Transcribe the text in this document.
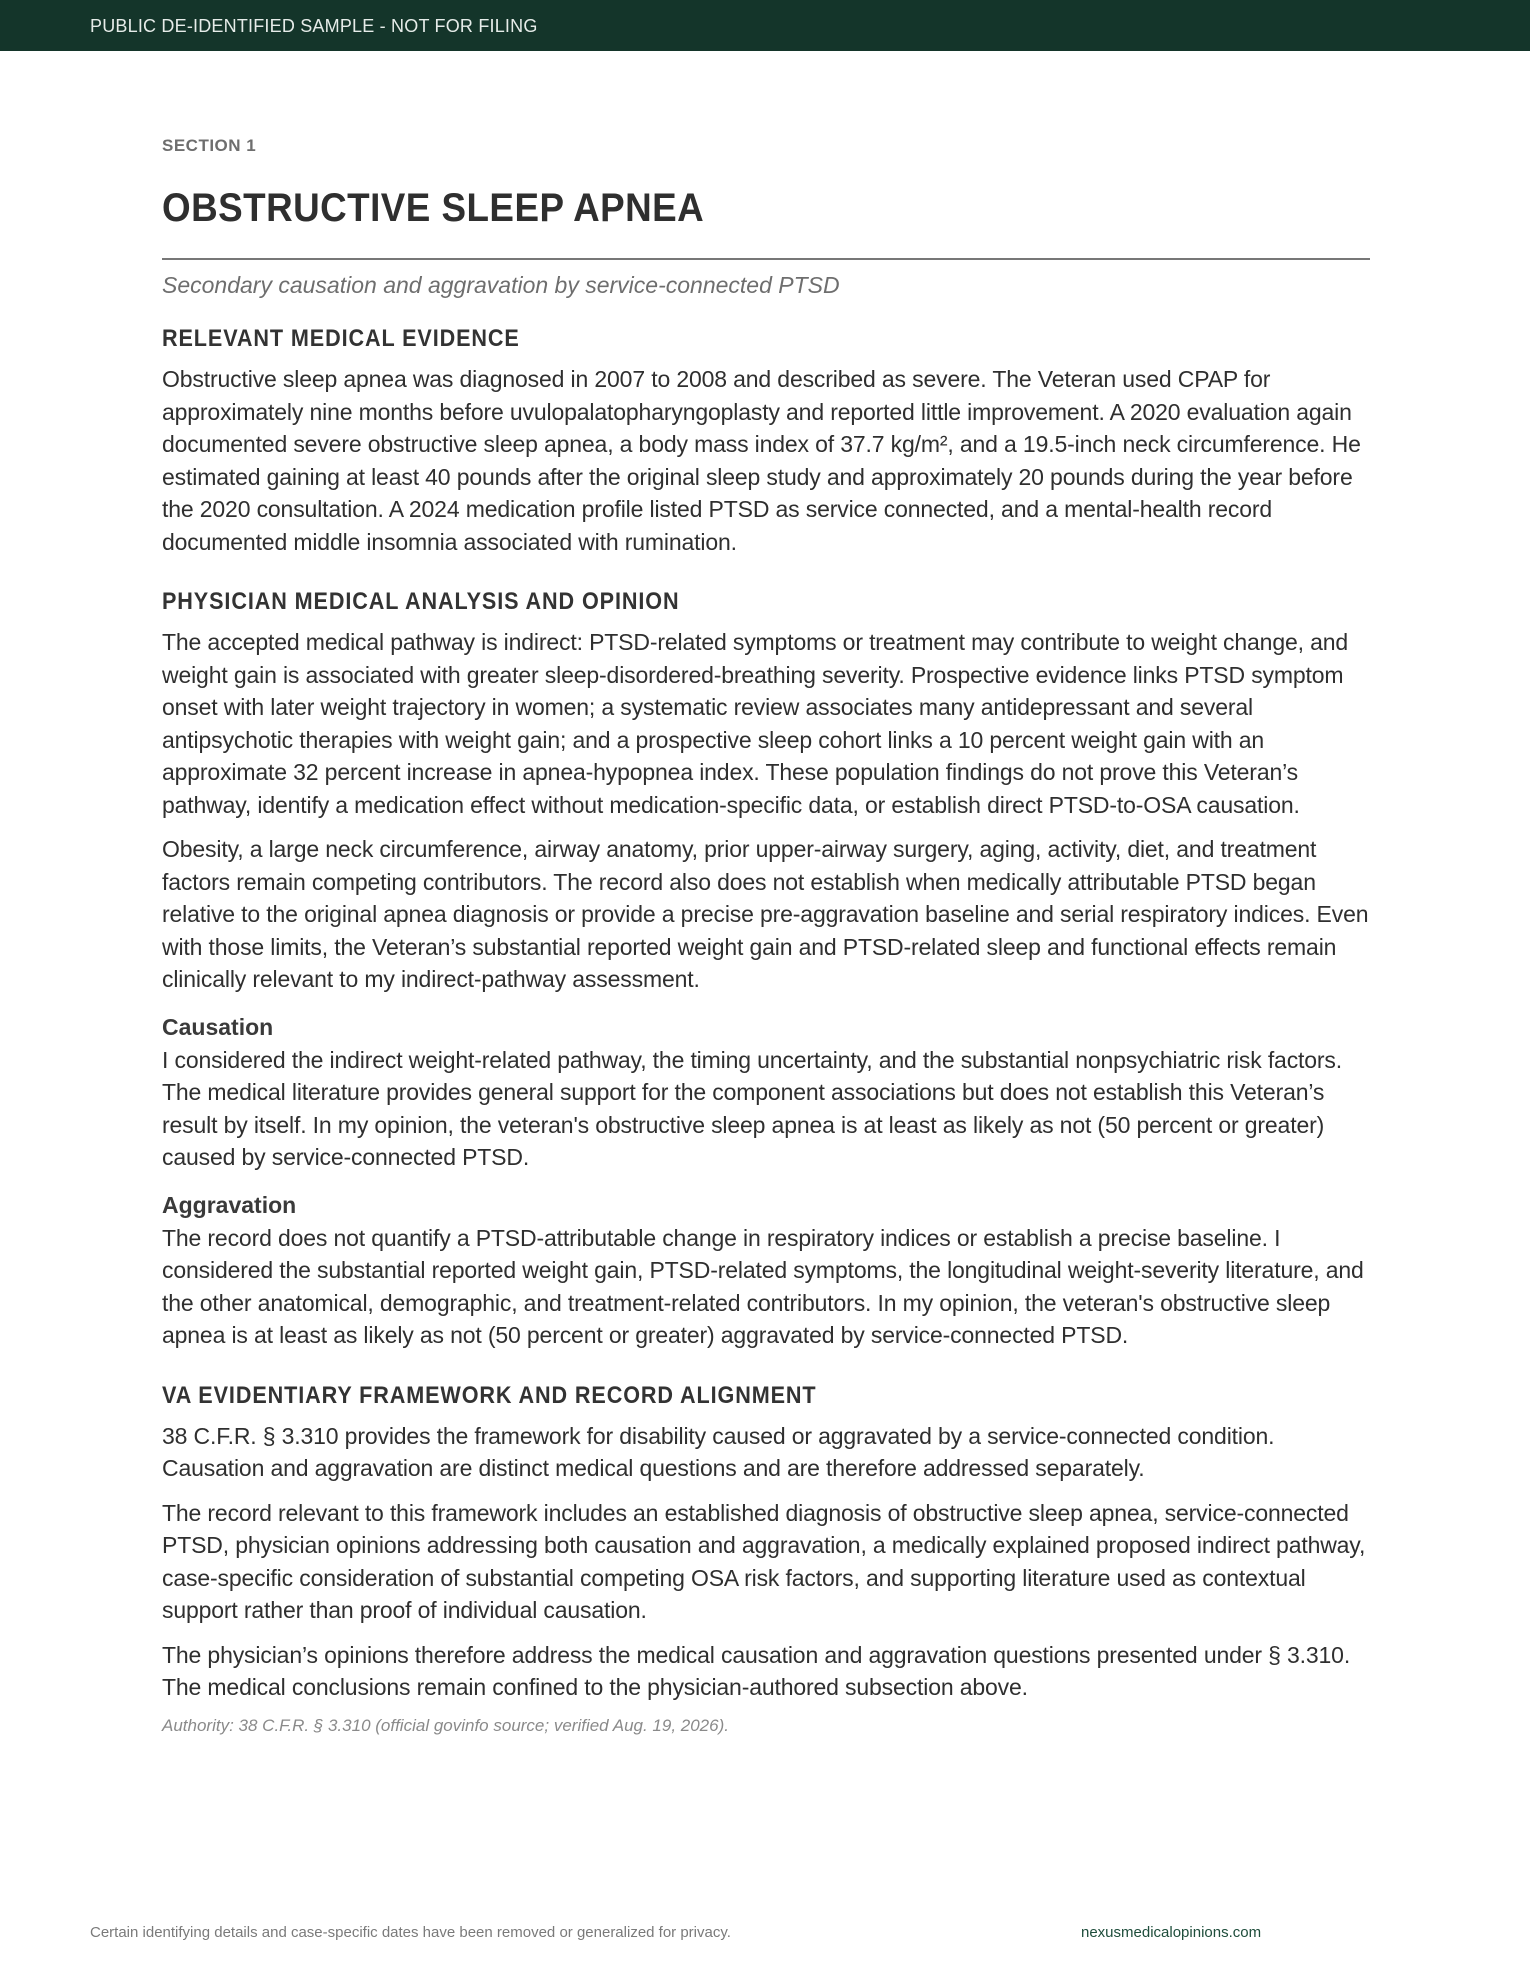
PUBLIC DE-IDENTIFIED SAMPLE - NOT FOR FILING
SECTION 1
OBSTRUCTIVE SLEEP APNEA
Secondary causation and aggravation by service-connected PTSD
RELEVANT MEDICAL EVIDENCE

Obstructive sleep apnea was diagnosed in 2007 to 2008 and described as severe. The Veteran used CPAP for approximately nine months before uvulopalatopharyngoplasty and reported little improvement. A 2020 evaluation again documented severe obstructive sleep apnea, a body mass index of 37.7 kg/m², and a 19.5-inch neck circumference. He estimated gaining at least 40 pounds after the original sleep study and approximately 20 pounds during the year before the 2020 consultation. A 2024 medication profile listed PTSD as service connected, and a mental-health record documented middle insomnia associated with rumination.

PHYSICIAN MEDICAL ANALYSIS AND OPINION

The accepted medical pathway is indirect: PTSD-related symptoms or treatment may contribute to weight change, and weight gain is associated with greater sleep-disordered-breathing severity. Prospective evidence links PTSD symptom onset with later weight trajectory in women; a systematic review associates many antidepressant and several antipsychotic therapies with weight gain; and a prospective sleep cohort links a 10 percent weight gain with an approximate 32 percent increase in apnea-hypopnea index. These population findings do not prove this Veteran’s pathway, identify a medication effect without medication-specific data, or establish direct PTSD-to-OSA causation.

Obesity, a large neck circumference, airway anatomy, prior upper-airway surgery, aging, activity, diet, and treatment factors remain competing contributors. The record also does not establish when medically attributable PTSD began relative to the original apnea diagnosis or provide a precise pre-aggravation baseline and serial respiratory indices. Even with those limits, the Veteran’s substantial reported weight gain and PTSD-related sleep and functional effects remain clinically relevant to my indirect-pathway assessment.

Causation

I considered the indirect weight-related pathway, the timing uncertainty, and the substantial nonpsychiatric risk factors. The medical literature provides general support for the component associations but does not establish this Veteran’s result by itself. In my opinion, the veteran's obstructive sleep apnea is at least as likely as not (50 percent or greater) caused by service-connected PTSD.

Aggravation

The record does not quantify a PTSD-attributable change in respiratory indices or establish a precise baseline. I considered the substantial reported weight gain, PTSD-related symptoms, the longitudinal weight-severity literature, and the other anatomical, demographic, and treatment-related contributors. In my opinion, the veteran's obstructive sleep apnea is at least as likely as not (50 percent or greater) aggravated by service-connected PTSD.

VA EVIDENTIARY FRAMEWORK AND RECORD ALIGNMENT

38 C.F.R. § 3.310 provides the framework for disability caused or aggravated by a service-connected condition. Causation and aggravation are distinct medical questions and are therefore addressed separately.

The record relevant to this framework includes an established diagnosis of obstructive sleep apnea, service-connected PTSD, physician opinions addressing both causation and aggravation, a medically explained proposed indirect pathway, case-specific consideration of substantial competing OSA risk factors, and supporting literature used as contextual support rather than proof of individual causation.

The physician’s opinions therefore address the medical causation and aggravation questions presented under § 3.310. The medical conclusions remain confined to the physician-authored subsection above.

Authority: 38 C.F.R. § 3.310 (official govinfo source; verified Aug. 19, 2026).
Certain identifying details and case-specific dates have been removed or generalized for privacy.	nexusmedicalopinions.com
